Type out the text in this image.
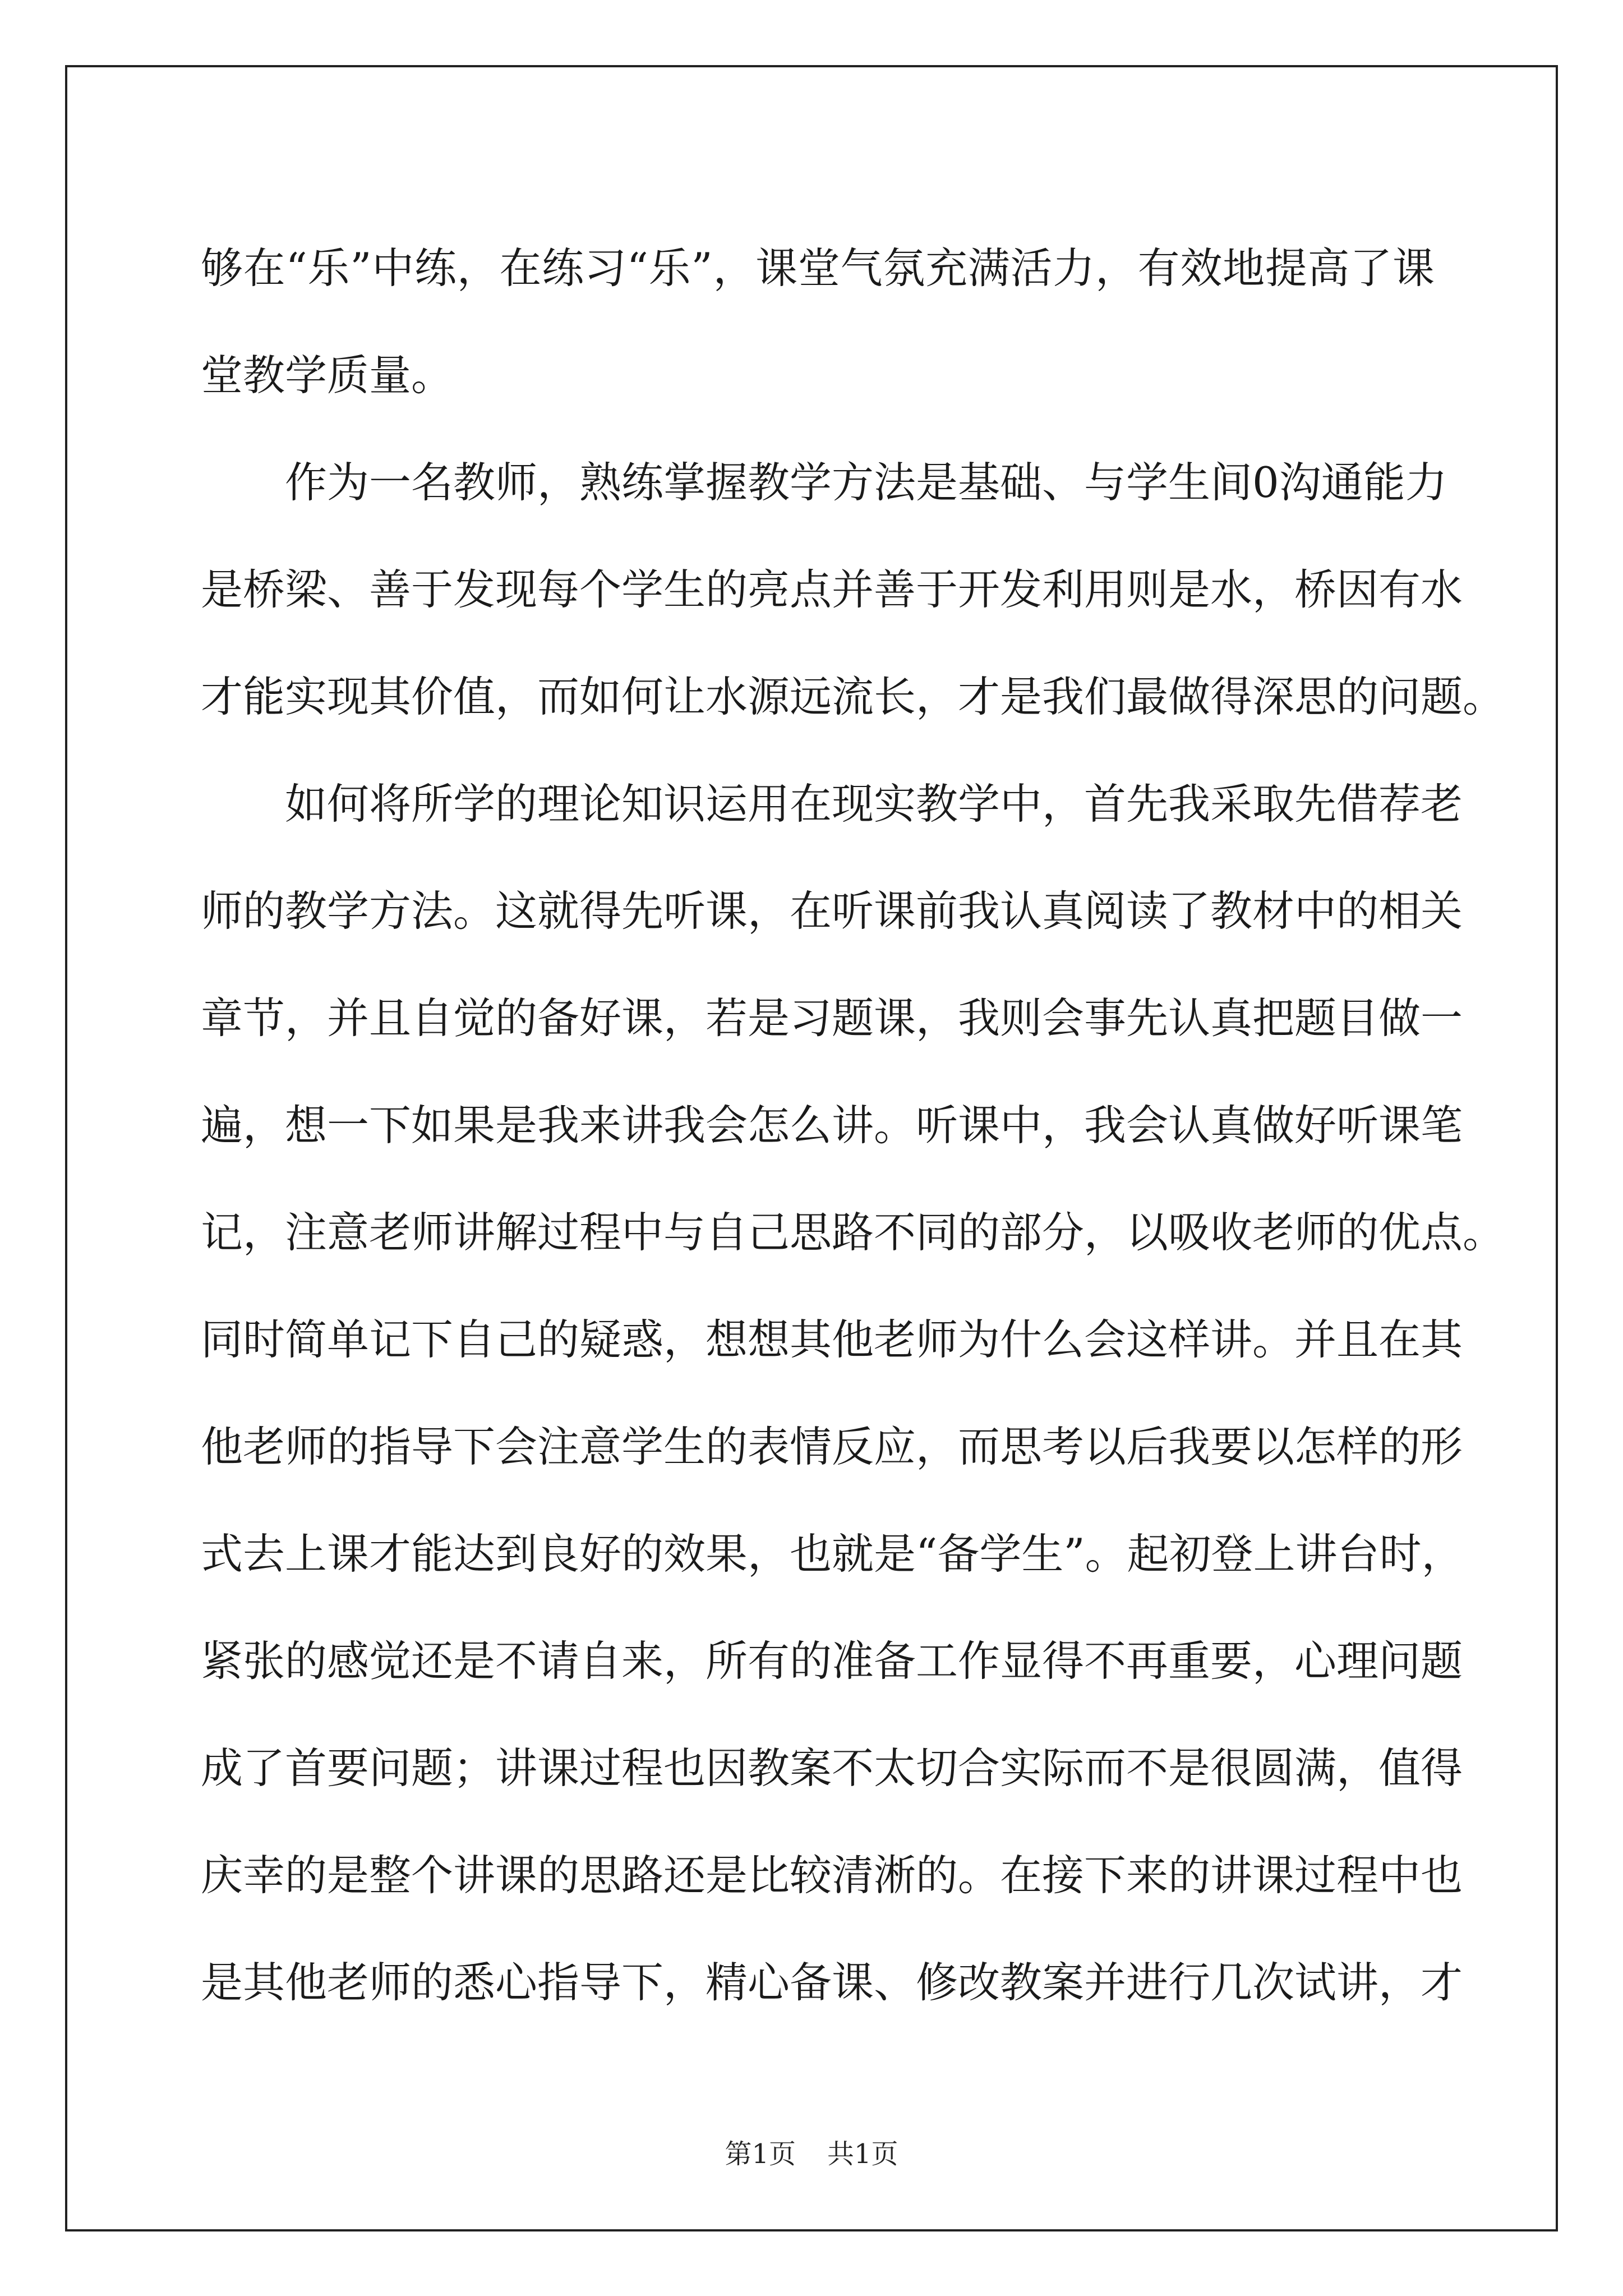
够在“乐”中练，在练习“乐”，课堂气氛充满活力，有效地提高了课
堂教学质量。
作为一名教师，熟练掌握教学方法是基础、与学生间0沟通能力
是桥梁、善于发现每个学生的亮点并善于开发利用则是水，桥因有水
才能实现其价值，而如何让水源远流长，才是我们最做得深思的问题。
如何将所学的理论知识运用在现实教学中，首先我采取先借荐老
师的教学方法。这就得先听课，在听课前我认真阅读了教材中的相关
章节，并且自觉的备好课，若是习题课，我则会事先认真把题目做一
遍，想一下如果是我来讲我会怎么讲。听课中，我会认真做好听课笔
记，注意老师讲解过程中与自己思路不同的部分，以吸收老师的优点。
同时简单记下自己的疑惑，想想其他老师为什么会这样讲。并且在其
他老师的指导下会注意学生的表情反应，而思考以后我要以怎样的形
式去上课才能达到良好的效果，也就是“备学生”。起初登上讲台时，
紧张的感觉还是不请自来，所有的准备工作显得不再重要，心理问题
成了首要问题；讲课过程也因教案不太切合实际而不是很圆满，值得
庆幸的是整个讲课的思路还是比较清淅的。在接下来的讲课过程中也
是其他老师的悉心指导下，精心备课、修改教案并进行几次试讲，才
第1页 共1页
